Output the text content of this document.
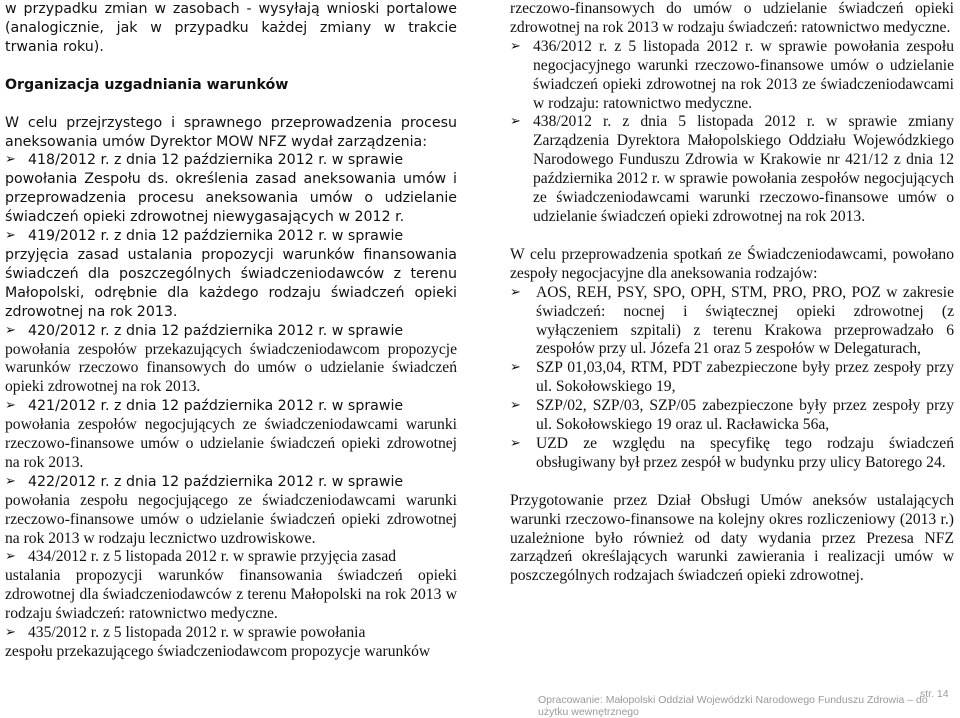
w przypadku zmian w zasobach - wysyłają wnioski portalowe (analogicznie, jak w przypadku każdej zmiany w trakcie trwania roku).

Organizacja uzgadniania warunków

W celu przejrzystego i sprawnego przeprowadzenia procesu aneksowania umów Dyrektor MOW NFZ wydał zarządzenia:

➢ 418/2012 r. z dnia 12 października 2012 r. w sprawie

powołania Zespołu ds. określenia zasad aneksowania umów i przeprowadzenia procesu aneksowania umów o udzielanie świadczeń opieki zdrowotnej niewygasających w 2012 r.

➢ 419/2012 r. z dnia 12 października 2012 r. w sprawie

przyjęcia zasad ustalania propozycji warunków finansowania świadczeń dla poszczególnych świadczeniodawców z terenu Małopolski, odrębnie dla każdego rodzaju świadczeń opieki zdrowotnej na rok 2013.

➢ 420/2012 r. z dnia 12 października 2012 r. w sprawie

powołania zespołów przekazujących świadczeniodawcom propozycje warunków rzeczowo finansowych do umów o udzielanie świadczeń opieki zdrowotnej na rok 2013.

➢ 421/2012 r. z dnia 12 października 2012 r. w sprawie

powołania zespołów negocjujących ze świadczeniodawcami warunki rzeczowo-finansowe umów o udzielanie świadczeń opieki zdrowotnej na rok 2013.

➢ 422/2012 r. z dnia 12 października 2012 r. w sprawie

powołania zespołu negocjującego ze świadczeniodawcami warunki rzeczowo-finansowe umów o udzielanie świadczeń opieki zdrowotnej na rok 2013 w rodzaju lecznictwo uzdrowiskowe.

➢ 434/2012 r. z 5 listopada 2012 r. w sprawie przyjęcia zasad

ustalania propozycji warunków finansowania świadczeń opieki zdrowotnej dla świadczeniodawców z terenu Małopolski na rok 2013 w rodzaju świadczeń: ratownictwo medyczne.

➢ 435/2012 r. z 5 listopada 2012 r. w sprawie powołania

zespołu przekazującego świadczeniodawcom propozycje warunków

rzeczowo-finansowych do umów o udzielanie świadczeń opieki zdrowotnej na rok 2013 w rodzaju świadczeń: ratownictwo medyczne.

➢ 436/2012 r. z 5 listopada 2012 r. w sprawie powołania zespołu negocjacyjnego warunki rzeczowo-finansowe umów o udzielanie świadczeń opieki zdrowotnej na rok 2013 ze świadczeniodawcami w rodzaju: ratownictwo medyczne.

➢ 438/2012 r. z dnia 5 listopada 2012 r. w sprawie zmiany Zarządzenia Dyrektora Małopolskiego Oddziału Wojewódzkiego Narodowego Funduszu Zdrowia w Krakowie nr 421/12 z dnia 12 października 2012 r. w sprawie powołania zespołów negocjujących ze świadczeniodawcami warunki rzeczowo-finansowe umów o udzielanie świadczeń opieki zdrowotnej na rok 2013.

W celu przeprowadzenia spotkań ze Świadczeniodawcami, powołano zespoły negocjacyjne dla aneksowania rodzajów:

➢ AOS, REH, PSY, SPO, OPH, STM, PRO, PRO, POZ w zakresie świadczeń: nocnej i świątecznej opieki zdrowotnej (z wyłączeniem szpitali) z terenu Krakowa przeprowadzało 6 zespołów przy ul. Józefa 21 oraz 5 zespołów w Delegaturach,

➢ SZP 01,03,04, RTM, PDT zabezpieczone były przez zespoły przy ul. Sokołowskiego 19,

➢ SZP/02, SZP/03, SZP/05 zabezpieczone były przez zespoły przy ul. Sokołowskiego 19 oraz ul. Racławicka 56a,

➢ UZD ze względu na specyfikę tego rodzaju świadczeń obsługiwany był przez zespół w budynku przy ulicy Batorego 24.

Przygotowanie przez Dział Obsługi Umów aneksów ustalających warunki rzeczowo-finansowe na kolejny okres rozliczeniowy (2013 r.) uzależnione było również od daty wydania przez Prezesa NFZ zarządzeń określających warunki zawierania i realizacji umów w poszczególnych rodzajach świadczeń opieki zdrowotnej.

Opracowanie: Małopolski Oddział Wojewódzki Narodowego Funduszu Zdrowia – do użytku wewnętrznego
str. 14
